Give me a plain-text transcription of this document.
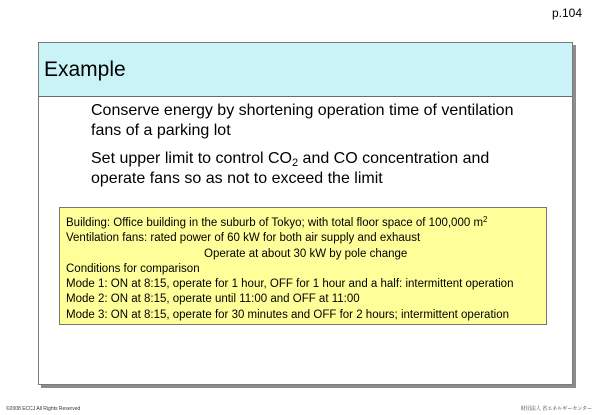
p.104
Example
Conserve energy by shortening operation time of ventilation fans of a parking lot
Set upper limit to control $CO_2$ and CO concentration and operate fans so as not to exceed the limit
Building: Office building in the suburb of Tokyo; with total floor space of 100,000 $m^2$
Ventilation fans: rated power of 60 kW for both air supply and exhaust
Operate at about 30 kW by pole change
Conditions for comparison
Mode 1: ON at 8:15, operate for 1 hour, OFF for 1 hour and a half: intermittent operation
Mode 2: ON at 8:15, operate until 11:00 and OFF at 11:00
Mode 3: ON at 8:15, operate for 30 minutes and OFF for 2 hours; intermittent operation
©2008 ECCJ All Rights Reserved	財団法人 省エネルギーセンター
